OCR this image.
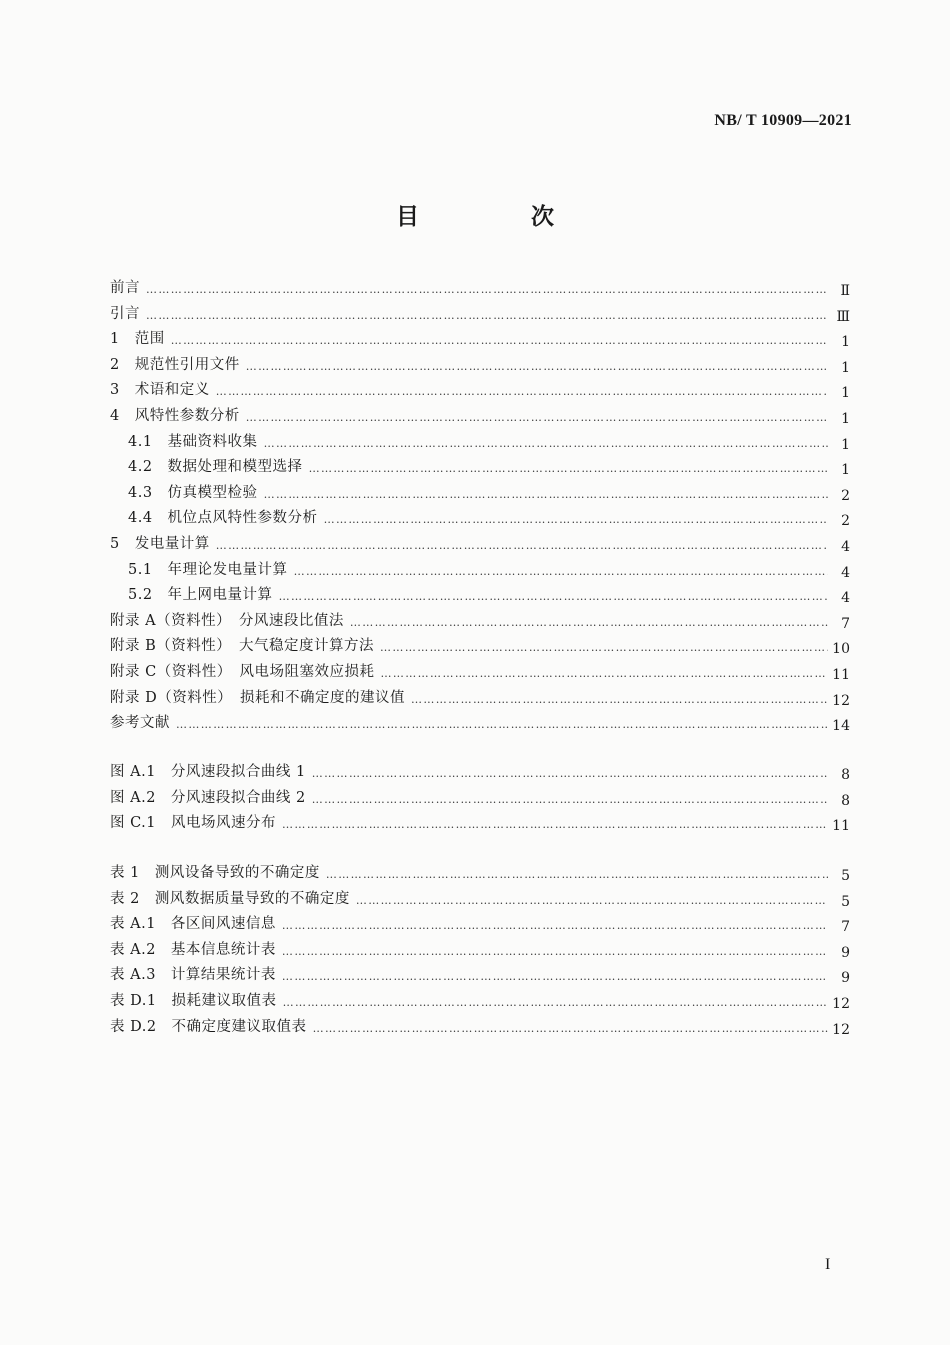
NB/ T 10909—2021
目 次
前言 ……………………………………………………………………………………………………………………………………………………………………………………………………………………	Ⅱ
引言 ……………………………………………………………………………………………………………………………………………………………………………………………………………………	Ⅲ
1　范围 ……………………………………………………………………………………………………………………………………………………………………………………………………………………	1
2　规范性引用文件 ……………………………………………………………………………………………………………………………………………………………………………………………………………………	1
3　术语和定义 ……………………………………………………………………………………………………………………………………………………………………………………………………………………	1
4　风特性参数分析 ……………………………………………………………………………………………………………………………………………………………………………………………………………………	1
4.1　基础资料收集 ……………………………………………………………………………………………………………………………………………………………………………………………………………………	1
4.2　数据处理和模型选择 ……………………………………………………………………………………………………………………………………………………………………………………………………………………	1
4.3　仿真模型检验 ……………………………………………………………………………………………………………………………………………………………………………………………………………………	2
4.4　机位点风特性参数分析 ……………………………………………………………………………………………………………………………………………………………………………………………………………………	2
5　发电量计算 ……………………………………………………………………………………………………………………………………………………………………………………………………………………	4
5.1　年理论发电量计算 ……………………………………………………………………………………………………………………………………………………………………………………………………………………	4
5.2　年上网电量计算 ……………………………………………………………………………………………………………………………………………………………………………………………………………………	4
附录 A（资料性）　分风速段比值法 ……………………………………………………………………………………………………………………………………………………………………………………………………………………	7
附录 B（资料性）　大气稳定度计算方法 ……………………………………………………………………………………………………………………………………………………………………………………………………………………	10
附录 C（资料性）　风电场阻塞效应损耗 ……………………………………………………………………………………………………………………………………………………………………………………………………………………	11
附录 D（资料性）　损耗和不确定度的建议值 ……………………………………………………………………………………………………………………………………………………………………………………………………………………	12
参考文献 ……………………………………………………………………………………………………………………………………………………………………………………………………………………	14
图 A.1　分风速段拟合曲线 1 ……………………………………………………………………………………………………………………………………………………………………………………………………………………	8
图 A.2　分风速段拟合曲线 2 ……………………………………………………………………………………………………………………………………………………………………………………………………………………	8
图 C.1　风电场风速分布 ……………………………………………………………………………………………………………………………………………………………………………………………………………………	11
表 1　测风设备导致的不确定度 ……………………………………………………………………………………………………………………………………………………………………………………………………………………	5
表 2　测风数据质量导致的不确定度 ……………………………………………………………………………………………………………………………………………………………………………………………………………………	5
表 A.1　各区间风速信息 ……………………………………………………………………………………………………………………………………………………………………………………………………………………	7
表 A.2　基本信息统计表 ……………………………………………………………………………………………………………………………………………………………………………………………………………………	9
表 A.3　计算结果统计表 ……………………………………………………………………………………………………………………………………………………………………………………………………………………	9
表 D.1　损耗建议取值表 ……………………………………………………………………………………………………………………………………………………………………………………………………………………	12
表 D.2　不确定度建议取值表 ……………………………………………………………………………………………………………………………………………………………………………………………………………………	12
I
